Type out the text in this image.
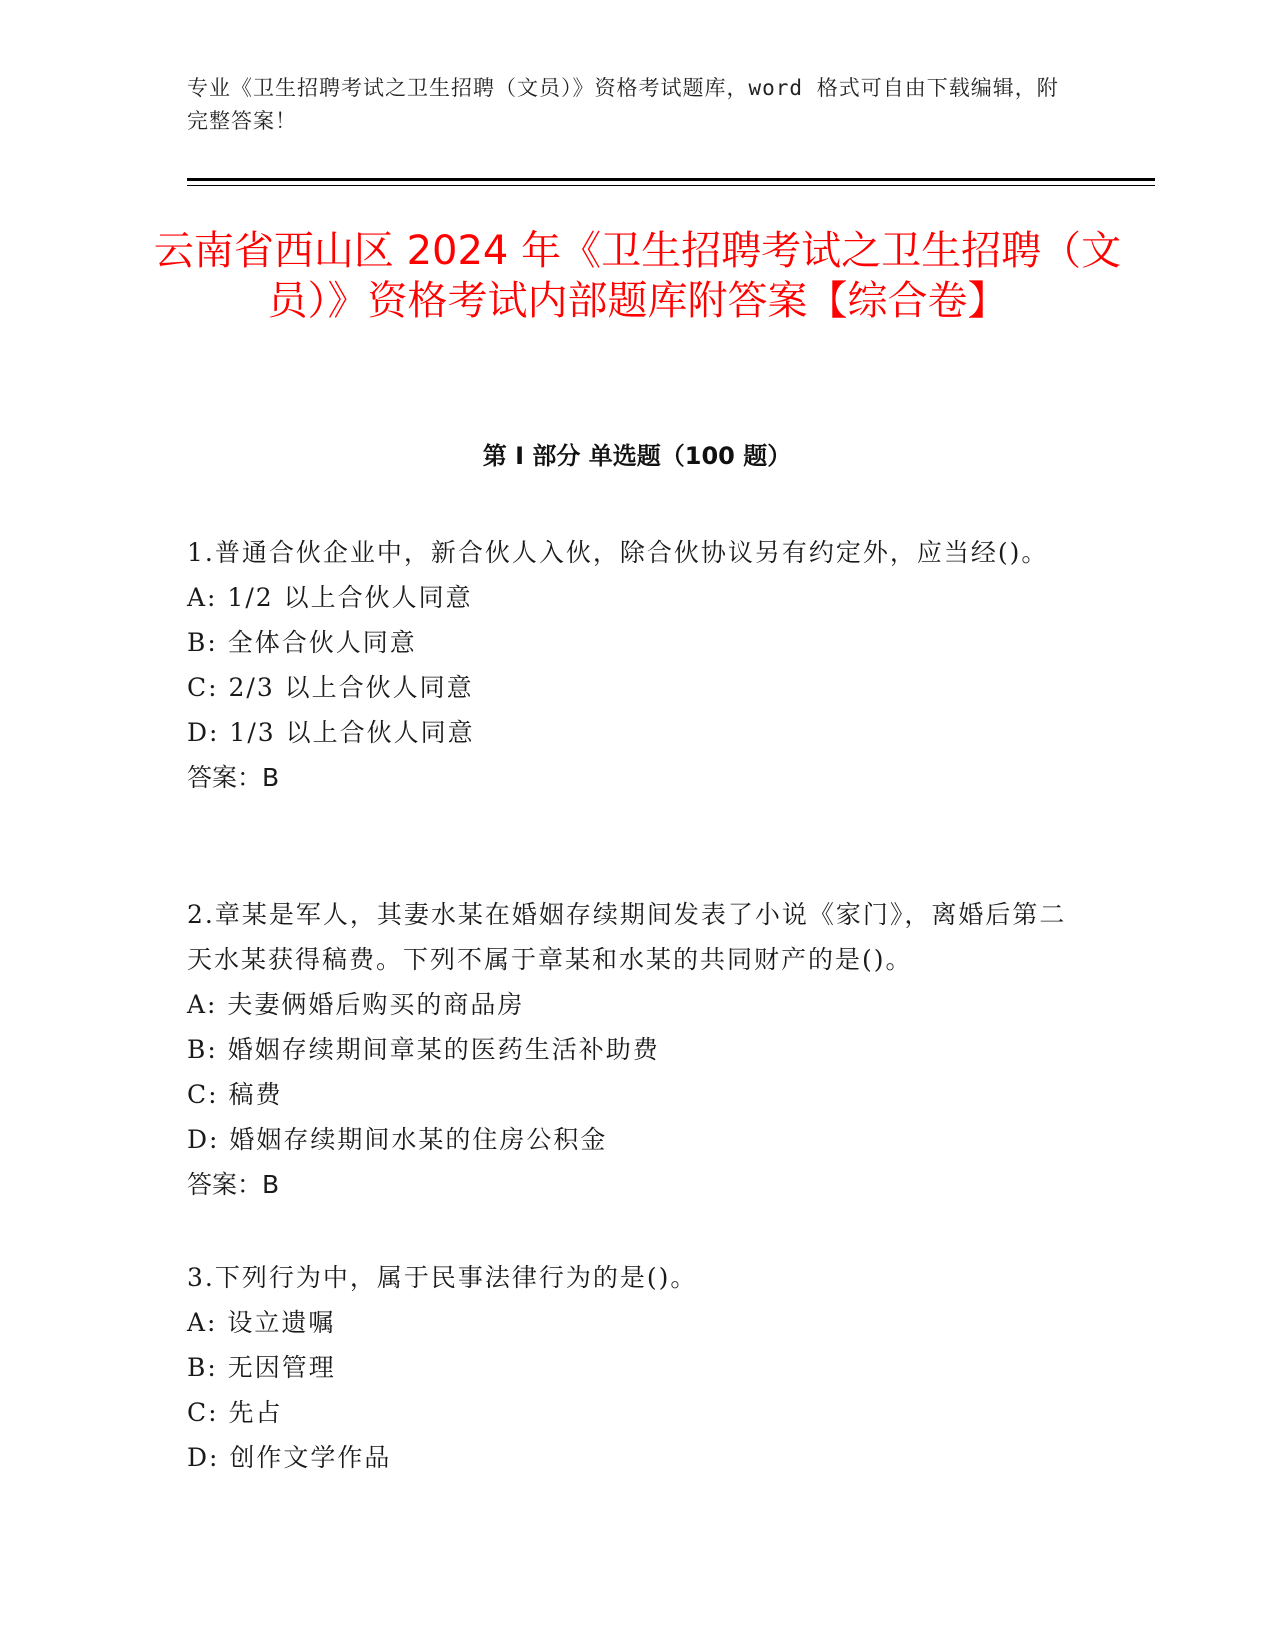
专业《卫生招聘考试之卫生招聘（文员）》资格考试题库，word 格式可自由下载编辑，附完整答案！

云南省西山区 2024 年《卫生招聘考试之卫生招聘（文员）》资格考试内部题库附答案【综合卷】
第 I 部分 单选题（100 题）

1.普通合伙企业中，新合伙人入伙，除合伙协议另有约定外，应当经()。

A: 1/2 以上合伙人同意

B: 全体合伙人同意

C: 2/3 以上合伙人同意

D: 1/3 以上合伙人同意

答案：B

2.章某是军人，其妻水某在婚姻存续期间发表了小说《家门》，离婚后第二天水某获得稿费。下列不属于章某和水某的共同财产的是()。

A: 夫妻俩婚后购买的商品房

B: 婚姻存续期间章某的医药生活补助费

C: 稿费

D: 婚姻存续期间水某的住房公积金

答案：B

3.下列行为中，属于民事法律行为的是()。

A: 设立遗嘱

B: 无因管理

C: 先占

D: 创作文学作品
